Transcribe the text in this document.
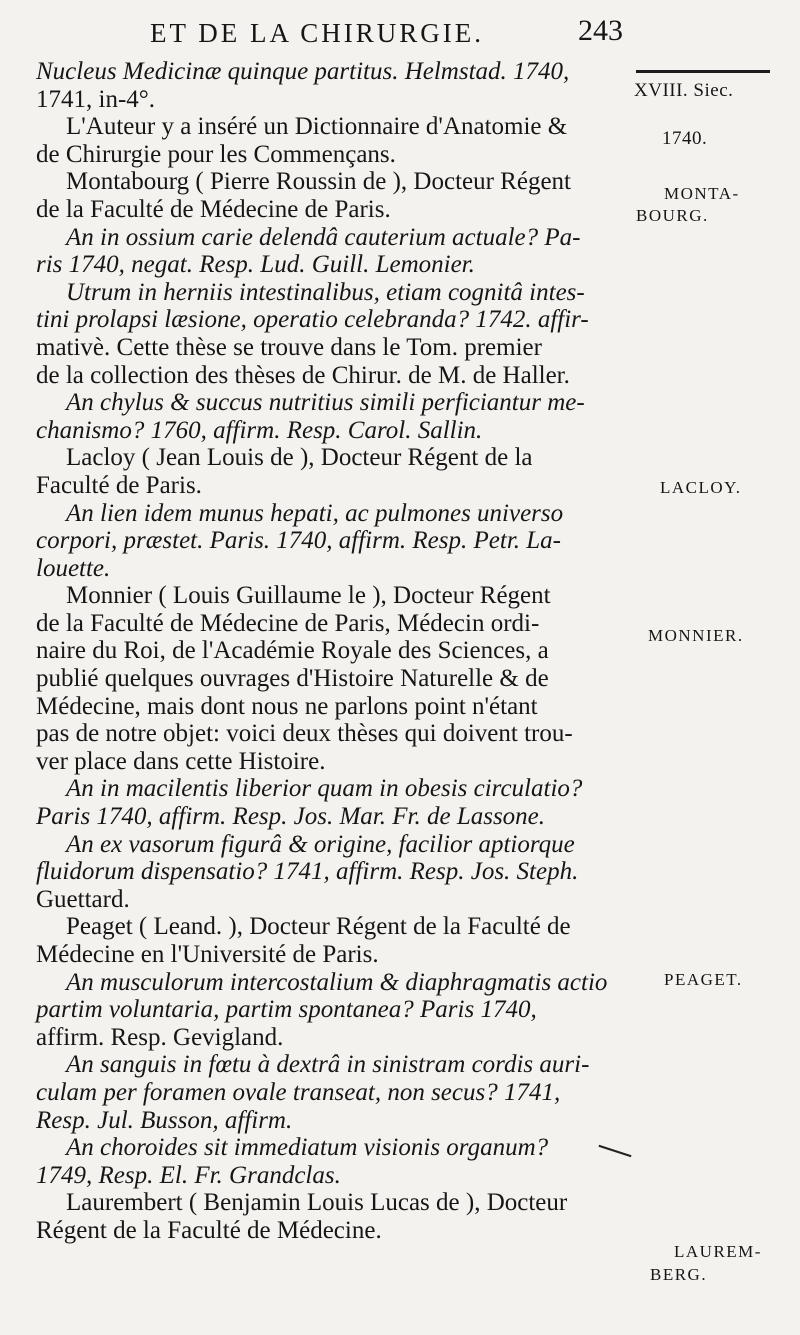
ET DE LA CHIRURGIE.	243
Nucleus Medicinæ quinque partitus. Helmstad. 1740,
1741, in-4°.
L'Auteur y a inséré un Dictionnaire d'Anatomie &
de Chirurgie pour les Commençans.
Montabourg ( Pierre Roussin de ), Docteur Régent
de la Faculté de Médecine de Paris.
An in ossium carie delendâ cauterium actuale? Pa-
ris 1740, negat. Resp. Lud. Guill. Lemonier.
Utrum in herniis intestinalibus, etiam cognitâ intes-
tini prolapsi læsione, operatio celebranda? 1742. affir-
mativè. Cette thèse se trouve dans le Tom. premier
de la collection des thèses de Chirur. de M. de Haller.
An chylus & succus nutritius simili perficiantur me-
chanismo? 1760, affirm. Resp. Carol. Sallin.
Lacloy ( Jean Louis de ), Docteur Régent de la
Faculté de Paris.
An lien idem munus hepati, ac pulmones universo
corpori, præstet. Paris. 1740, affirm. Resp. Petr. La-
louette.
Monnier ( Louis Guillaume le ), Docteur Régent
de la Faculté de Médecine de Paris, Médecin ordi-
naire du Roi, de l'Académie Royale des Sciences, a
publié quelques ouvrages d'Histoire Naturelle & de
Médecine, mais dont nous ne parlons point n'étant
pas de notre objet: voici deux thèses qui doivent trou-
ver place dans cette Histoire.
An in macilentis liberior quam in obesis circulatio?
Paris 1740, affirm. Resp. Jos. Mar. Fr. de Lassone.
An ex vasorum figurâ & origine, facilior aptiorque
fluidorum dispensatio? 1741, affirm. Resp. Jos. Steph.
Guettard.
Peaget ( Leand. ), Docteur Régent de la Faculté de
Médecine en l'Université de Paris.
An musculorum intercostalium & diaphragmatis actio
partim voluntaria, partim spontanea? Paris 1740,
affirm. Resp. Gevigland.
An sanguis in fœtu à dextrâ in sinistram cordis auri-
culam per foramen ovale transeat, non secus? 1741,
Resp. Jul. Busson, affirm.
An choroides sit immediatum visionis organum?
1749, Resp. El. Fr. Grandclas.
Laurembert ( Benjamin Louis Lucas de ), Docteur
Régent de la Faculté de Médecine.
XVIII. Siec.
1740.
MONTA-
BOURG.
LACLOY.
MONNIER.
PEAGET.
LAUREM-
BERG.
